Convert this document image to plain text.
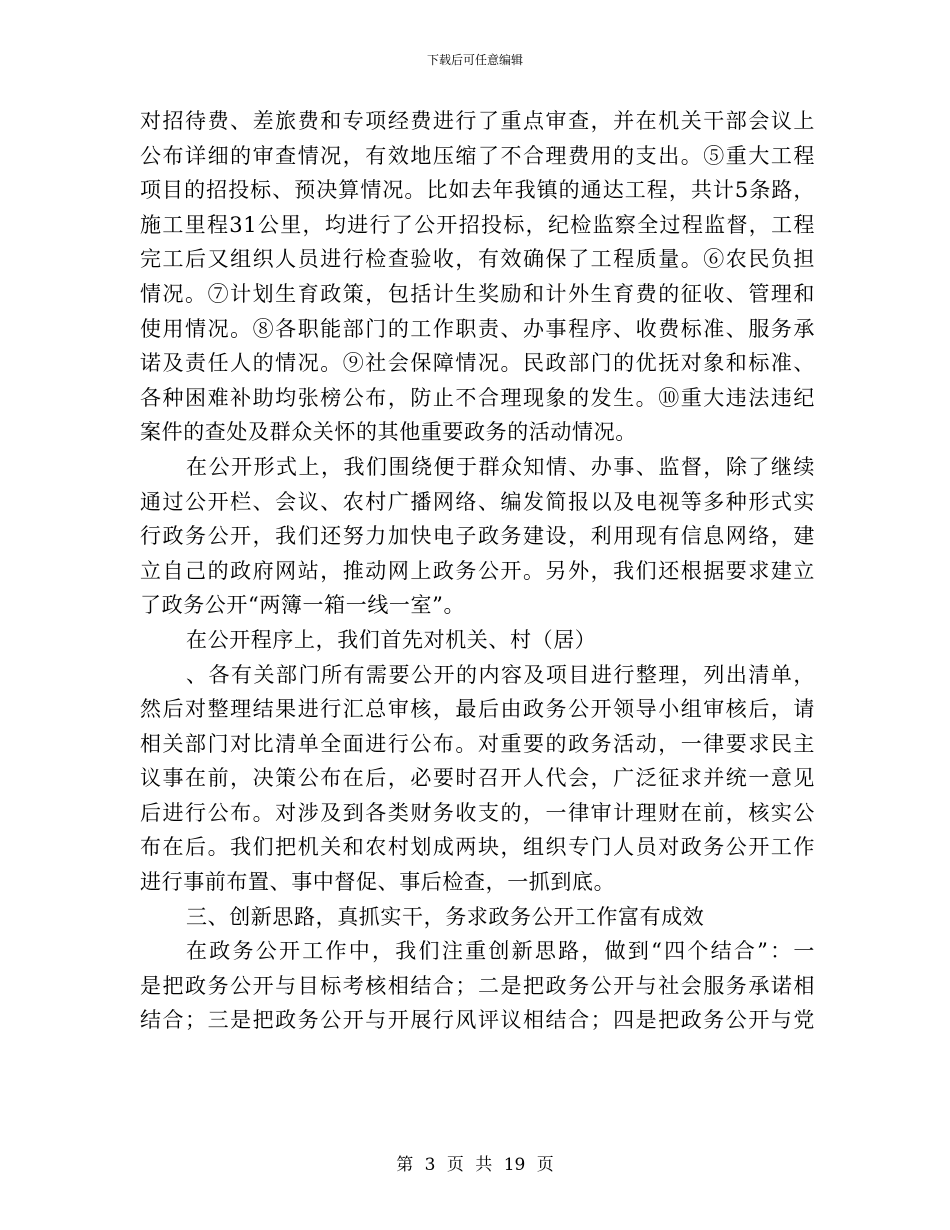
下载后可任意编辑
对招待费、差旅费和专项经费进行了重点审查，并在机关干部会议上
公布详细的审查情况，有效地压缩了不合理费用的支出。⑤重大工程
项目的招投标、预决算情况。比如去年我镇的通达工程，共计5条路，
施工里程31公里，均进行了公开招投标，纪检监察全过程监督，工程
完工后又组织人员进行检查验收，有效确保了工程质量。⑥农民负担
情况。⑦计划生育政策，包括计生奖励和计外生育费的征收、管理和
使用情况。⑧各职能部门的工作职责、办事程序、收费标准、服务承
诺及责任人的情况。⑨社会保障情况。民政部门的优抚对象和标准、
各种困难补助均张榜公布，防止不合理现象的发生。⑩重大违法违纪
案件的查处及群众关怀的其他重要政务的活动情况。
在公开形式上，我们围绕便于群众知情、办事、监督，除了继续
通过公开栏、会议、农村广播网络、编发简报以及电视等多种形式实
行政务公开，我们还努力加快电子政务建设，利用现有信息网络，建
立自己的政府网站，推动网上政务公开。另外，我们还根据要求建立
了政务公开“两簿一箱一线一室”。
在公开程序上，我们首先对机关、村（居）
、各有关部门所有需要公开的内容及项目进行整理，列出清单，
然后对整理结果进行汇总审核，最后由政务公开领导小组审核后，请
相关部门对比清单全面进行公布。对重要的政务活动，一律要求民主
议事在前，决策公布在后，必要时召开人代会，广泛征求并统一意见
后进行公布。对涉及到各类财务收支的，一律审计理财在前，核实公
布在后。我们把机关和农村划成两块，组织专门人员对政务公开工作
进行事前布置、事中督促、事后检查，一抓到底。
三、创新思路，真抓实干，务求政务公开工作富有成效
在政务公开工作中，我们注重创新思路，做到“四个结合”：一
是把政务公开与目标考核相结合；二是把政务公开与社会服务承诺相
结合；三是把政务公开与开展行风评议相结合；四是把政务公开与党
第 3 页 共 19 页
